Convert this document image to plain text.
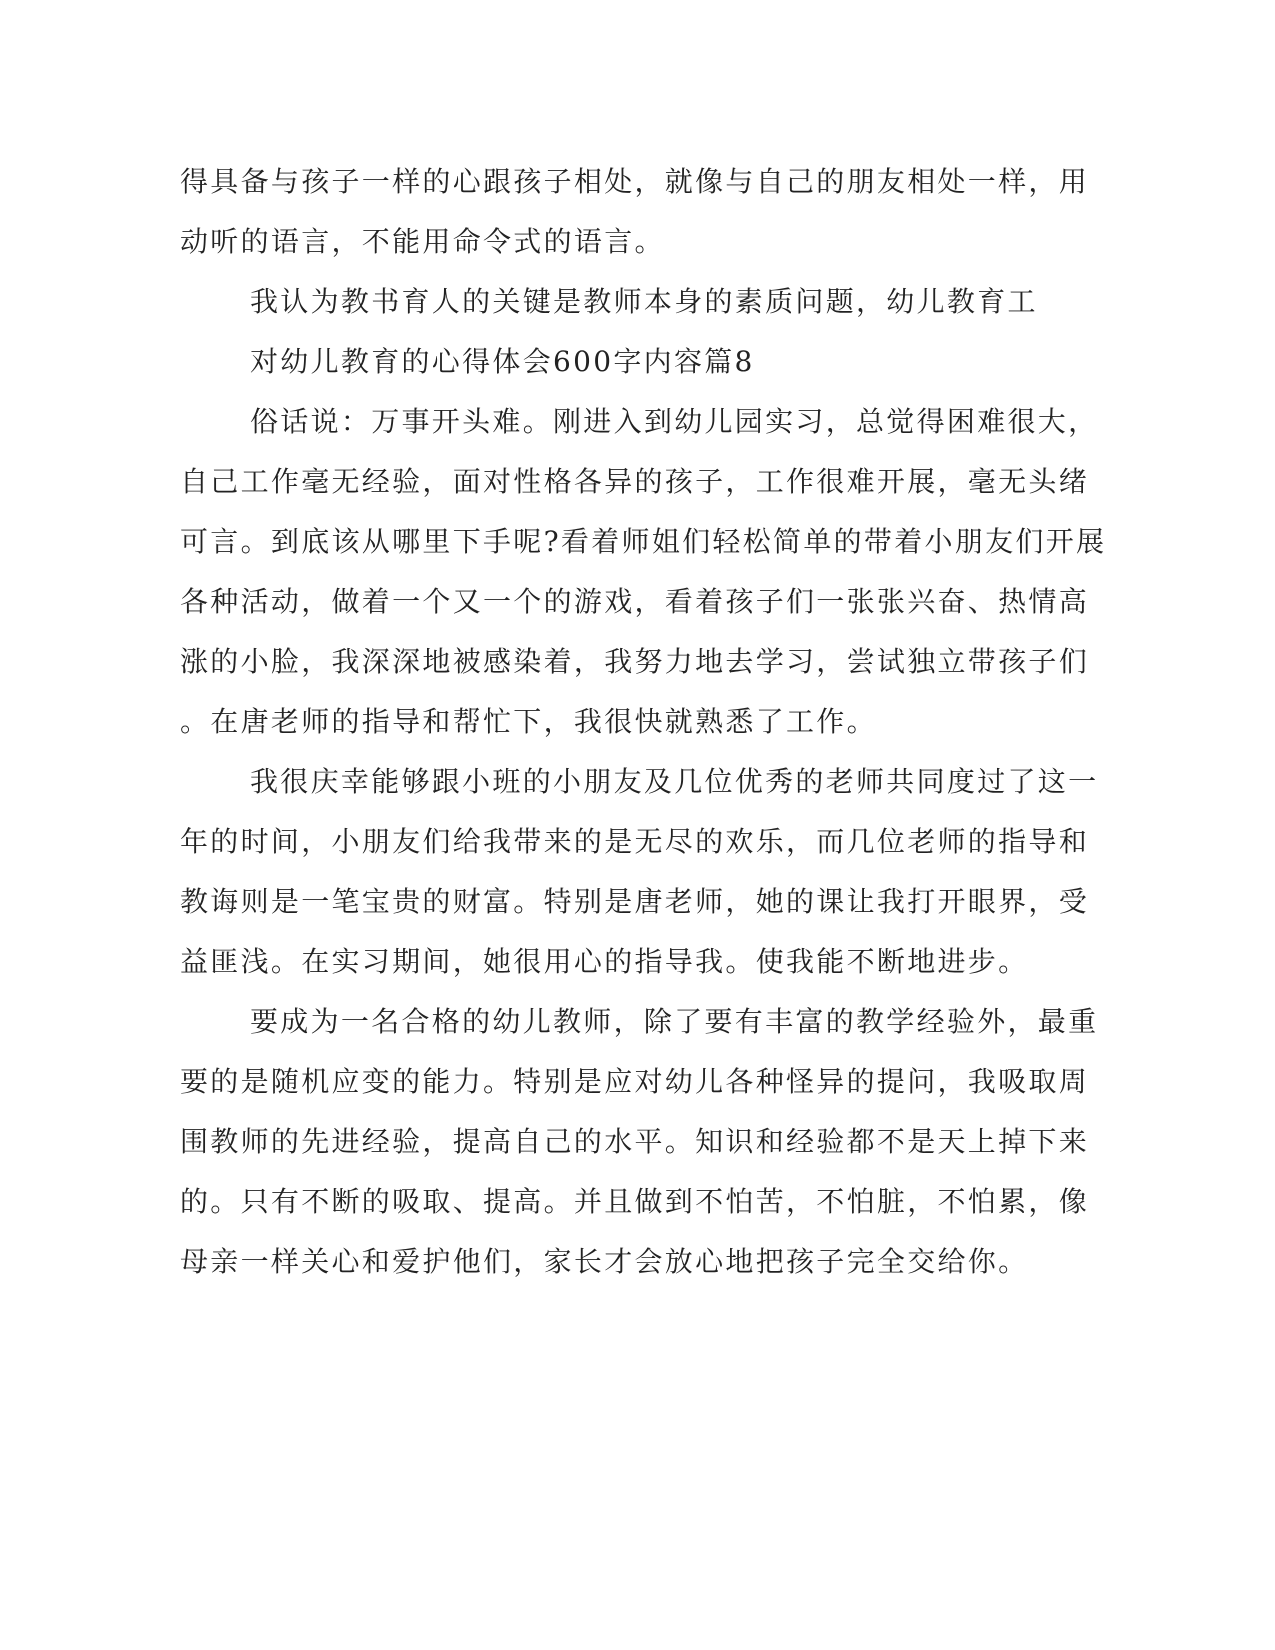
得具备与孩子一样的心跟孩子相处，就像与自己的朋友相处一样，用
动听的语言，不能用命令式的语言。
我认为教书育人的关键是教师本身的素质问题，幼儿教育工
对幼儿教育的心得体会600字内容篇8
俗话说：万事开头难。刚进入到幼儿园实习，总觉得困难很大，
自己工作毫无经验，面对性格各异的孩子，工作很难开展，毫无头绪
可言。到底该从哪里下手呢?看着师姐们轻松简单的带着小朋友们开展
各种活动，做着一个又一个的游戏，看着孩子们一张张兴奋、热情高
涨的小脸，我深深地被感染着，我努力地去学习，尝试独立带孩子们
。在唐老师的指导和帮忙下，我很快就熟悉了工作。
我很庆幸能够跟小班的小朋友及几位优秀的老师共同度过了这一
年的时间，小朋友们给我带来的是无尽的欢乐，而几位老师的指导和
教诲则是一笔宝贵的财富。特别是唐老师，她的课让我打开眼界，受
益匪浅。在实习期间，她很用心的指导我。使我能不断地进步。
要成为一名合格的幼儿教师，除了要有丰富的教学经验外，最重
要的是随机应变的能力。特别是应对幼儿各种怪异的提问，我吸取周
围教师的先进经验，提高自己的水平。知识和经验都不是天上掉下来
的。只有不断的吸取、提高。并且做到不怕苦，不怕脏，不怕累，像
母亲一样关心和爱护他们，家长才会放心地把孩子完全交给你。
